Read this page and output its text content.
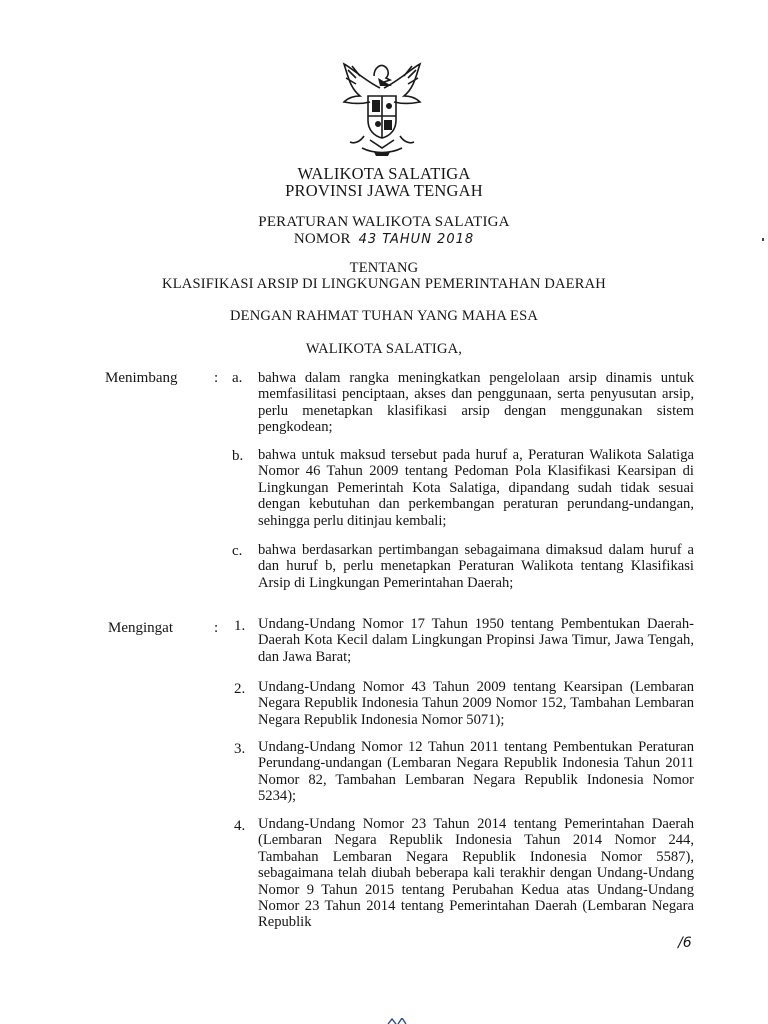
WALIKOTA SALATIGA
PROVINSI JAWA TENGAH
PERATURAN WALIKOTA SALATIGA
NOMOR 43 TAHUN 2018
TENTANG
KLASIFIKASI ARSIP DI LINGKUNGAN PEMERINTAHAN DAERAH
DENGAN RAHMAT TUHAN YANG MAHA ESA
WALIKOTA SALATIGA,
Menimbang : a. bahwa dalam rangka meningkatkan pengelolaan arsip dinamis untuk memfasilitasi penciptaan, akses dan penggunaan, serta penyusutan arsip, perlu menetapkan klasifikasi arsip dengan menggunakan sistem pengkodean;
b. bahwa untuk maksud tersebut pada huruf a, Peraturan Walikota Salatiga Nomor 46 Tahun 2009 tentang Pedoman Pola Klasifikasi Kearsipan di Lingkungan Pemerintah Kota Salatiga, dipandang sudah tidak sesuai dengan kebutuhan dan perkembangan peraturan perundang-undangan, sehingga perlu ditinjau kembali;
c. bahwa berdasarkan pertimbangan sebagaimana dimaksud dalam huruf a dan huruf b, perlu menetapkan Peraturan Walikota tentang Klasifikasi Arsip di Lingkungan Pemerintahan Daerah;
Mengingat	: 1. Undang-Undang Nomor 17 Tahun 1950 tentang Pembentukan Daerah-Daerah Kota Kecil dalam Lingkungan Propinsi Jawa Timur, Jawa Tengah, dan Jawa Barat;
2. Undang-Undang Nomor 43 Tahun 2009 tentang Kearsipan (Lembaran Negara Republik Indonesia Tahun 2009 Nomor 152, Tambahan Lembaran Negara Republik Indonesia Nomor 5071);
3. Undang-Undang Nomor 12 Tahun 2011 tentang Pembentukan Peraturan Perundang-undangan (Lembaran Negara Republik Indonesia Tahun 2011 Nomor 82, Tambahan Lembaran Negara Republik Indonesia Nomor 5234);
4. Undang-Undang Nomor 23 Tahun 2014 tentang Pemerintahan Daerah (Lembaran Negara Republik Indonesia Tahun 2014 Nomor 244, Tambahan Lembaran Negara Republik Indonesia Nomor 5587), sebagaimana telah diubah beberapa kali terakhir dengan Undang-Undang Nomor 9 Tahun 2015 tentang Perubahan Kedua atas Undang-Undang Nomor 23 Tahun 2014 tentang Pemerintahan Daerah (Lembaran Negara Republik
/6
